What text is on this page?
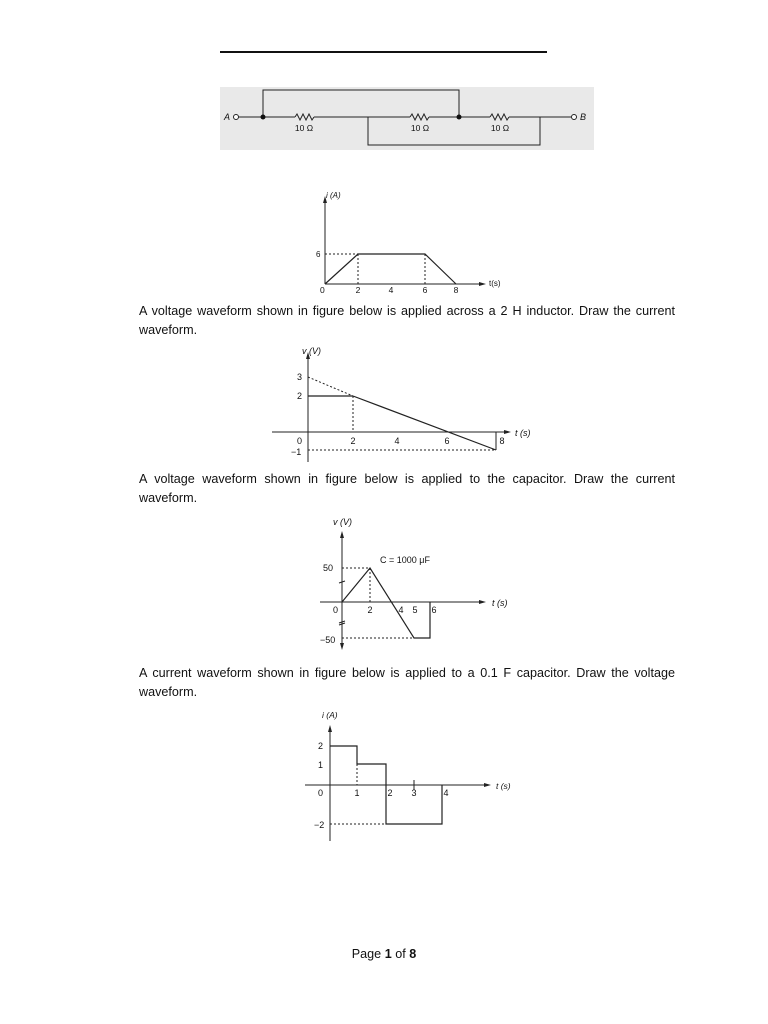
A	B
10 Ω	10 Ω	10 Ω
i (A)
t(s)
0
6
2	4	6	8
A voltage waveform shown in figure below is applied across a 2 H inductor. Draw the current waveform.
v (V)
t (s)
3
2
0
−1
2	4	6	8
A voltage waveform shown in figure below is applied to the capacitor. Draw the current waveform.
v (V)
t (s)
C = 1000 μF
50
0
−50
2	4 5 6
A current waveform shown in figure below is applied to a 0.1 F capacitor. Draw the voltage waveform.
i (A)
t (s)
2
1
0
−2
1	2 3	4
Page 1 of 8
